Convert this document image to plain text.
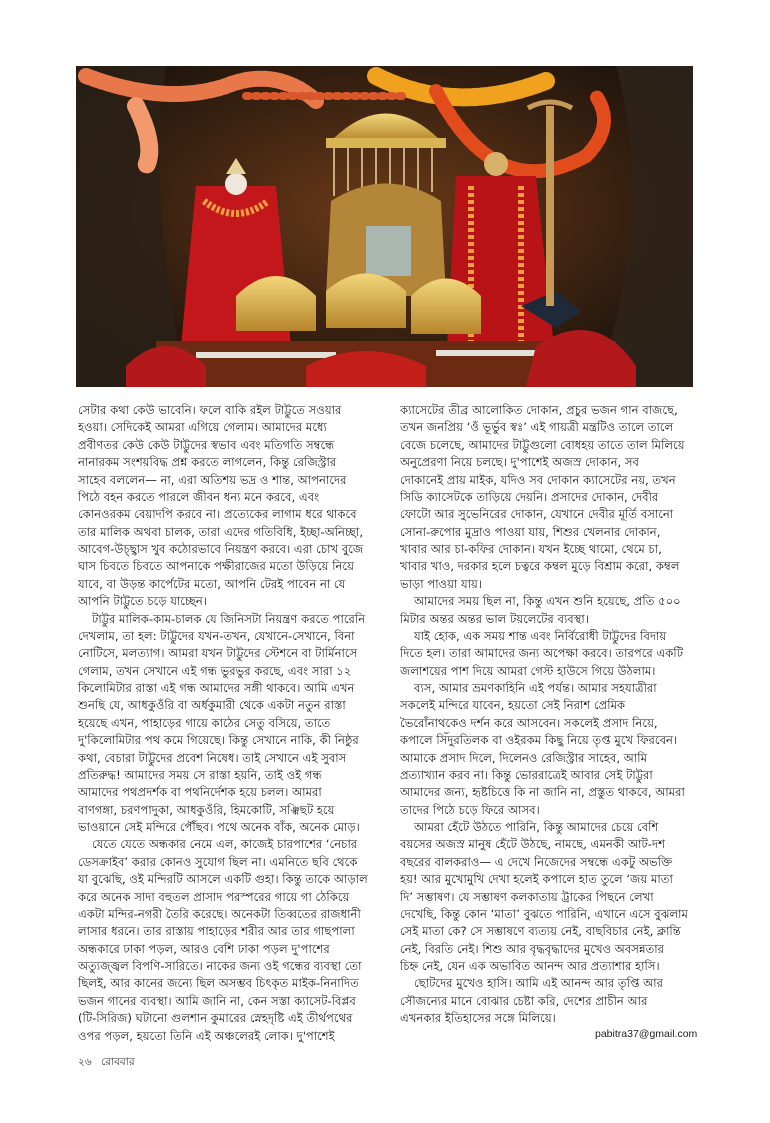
সেটার কথা কেউ ভাবেনি। ফলে বাকি রইল টাট্টুতে সওয়ার
হওয়া। সেদিকেই আমরা এগিয়ে গেলাম। আমাদের মধ্যে
প্রবীণতর কেউ কেউ টাট্টুদের স্বভাব এবং মতিগতি সম্বন্ধে
নানারকম সংশয়বিদ্ধ প্রশ্ন করতে লাগলেন, কিন্তু রেজিস্ট্রার
সাহেব বললেন— না, এরা অতিশয় ভদ্র ও শান্ত, আপনাদের
পিঠে বহন করতে পারলে জীবন ধন্য মনে করবে, এবং
কোনওরকম বেয়াদপি করবে না। প্রত্যেকের লাগাম ধরে থাকবে
তার মালিক অথবা চালক, তারা এদের গতিবিধি, ইচ্ছা-অনিচ্ছা,
আবেগ-উচ্ছ্বাস খুব কঠোরভাবে নিয়ন্ত্রণ করবে। এরা চোখ বুজে
ঘাস চিবতে চিবতে আপনাকে পক্ষীরাজের মতো উড়িয়ে নিয়ে
যাবে, বা উড়ন্ত কার্পেটের মতো, আপনি টেরই পাবেন না যে
আপনি টাট্টুতে চড়ে যাচ্ছেন।
টাট্টুর মালিক-কাম-চালক যে জিনিসটা নিয়ন্ত্রণ করতে পারেনি
দেখলাম, তা হল: টাট্টুদের যখন-তখন, যেখানে-সেখানে, বিনা
নোটিসে, মলত্যাগ। আমরা যখন টাট্টুদের স্টেশনে বা টার্মিনাসে
গেলাম, তখন সেখানে এই গন্ধ ভুরভুর করছে, এবং সারা ১২
কিলোমিটার রাস্তা এই গন্ধ আমাদের সঙ্গী থাকবে। আমি এখন
শুনছি যে, আধকুওঁরি বা অর্ধকুমারী থেকে একটা নতুন রাস্তা
হয়েছে এখন, পাহাড়ের গায়ে কাঠের সেতু বসিয়ে, তাতে
দু'কিলোমিটার পথ কমে গিয়েছে। কিন্তু সেখানে নাকি, কী নিষ্ঠুর
কথা, বেচারা টাট্টুদের প্রবেশ নিষেধ। তাই সেখানে এই সুবাস
প্রতিরুদ্ধ! আমাদের সময় সে রাস্তা হয়নি, তাই ওই গন্ধ
আমাদের পথপ্রদর্শক বা পথনির্দেশক হয়ে চলল। আমরা
বাণগঙ্গা, চরণপাদুকা, আধকুওঁরি, হিমকোটি, সঞ্ঝিছট হয়ে
ভাওয়ানে সেই মন্দিরে পৌঁছব। পথে অনেক বাঁক, অনেক মোড়।
যেতে যেতে অন্ধকার নেমে এল, কাজেই চারপাশের ‘নেচার
ডেসক্রাইব’ করার কোনও সুযোগ ছিল না। এমনিতে ছবি থেকে
যা বুঝেছি, ওই মন্দিরটি আসলে একটি গুহা। কিন্তু তাকে আড়াল
করে অনেক সাদা বহুতল প্রাসাদ পরস্পরের গায়ে গা ঠেকিয়ে
একটা মন্দির-নগরী তৈরি করেছে। অনেকটা তিব্বতের রাজধানী
লাসার ধরনে। তার রাস্তায় পাহাড়ের শরীর আর তার গাছপালা
অন্ধকারে ঢাকা পড়ল, আরও বেশি ঢাকা পড়ল দু'পাশের
অত্যুজ্জ্বল বিপণি-সারিতে। নাকের জন্য ওই গন্ধের ব্যবস্থা তো
ছিলই, আর কানের জন্যে ছিল অসম্ভব চিৎকৃত মাইক-নিনাদিত
ভজন গানের ব্যবস্থা। আমি জানি না, কেন সস্তা ক্যাসেট-বিপ্লব
(টি-সিরিজ) ঘটানো গুলশান কুমারের স্নেহদৃষ্টি এই তীর্থপথের
ওপর পড়ল, হয়তো তিনি এই অঞ্চলেরই লোক। দু'পাশেই
ক্যাসেটের তীব্র আলোকিত দোকান, প্রচুর ভজন গান বাজছে,
তখন জনপ্রিয় ‘ওঁ ভূর্ভুব স্বঃ’ এই গায়ত্রী মন্ত্রটিও তালে তালে
বেজে চলেছে, আমাদের টাট্টুগুলো বোধহয় তাতে তাল মিলিয়ে
অনুপ্রেরণা নিয়ে চলছে। দু'পাশেই অজস্র দোকান, সব
দোকানেই প্রায় মাইক, যদিও সব দোকান ক্যাসেটের নয়, তখন
সিডি ক্যাসেটকে তাড়িয়ে দেয়নি। প্রসাদের দোকান, দেবীর
ফোটো আর সুভেনিরের দোকান, যেখানে দেবীর মূর্তি বসানো
সোনা-রুপোর মুদ্রাও পাওয়া যায়, শিশুর খেলনার দোকান,
খাবার আর চা-কফির দোকান। যখন ইচ্ছে থামো, থেমে চা,
খাবার খাও, দরকার হলে চত্বরে কম্বল মুড়ে বিশ্রাম করো, কম্বল
ভাড়া পাওয়া যায়।
আমাদের সময় ছিল না, কিন্তু এখন শুনি হয়েছে, প্রতি ৫০০
মিটার অন্তর অন্তর ভাল টয়লেটের ব্যবস্থা।
যাই হোক, এক সময় শান্ত এবং নির্বিরোধী টাট্টুদের বিদায়
দিতে হল। তারা আমাদের জন্য অপেক্ষা করবে। তারপরে একটি
জলাশয়ের পাশ দিয়ে আমরা গেস্ট হাউসে গিয়ে উঠলাম।
ব্যস, আমার ভ্রমণকাহিনি এই পর্যন্ত। আমার সহযাত্রীরা
সকলেই মন্দিরে যাবেন, হয়তো সেই নিরাশ প্রেমিক
ভৈরোঁনাথকেও দর্শন করে আসবেন। সকলেই প্রসাদ নিয়ে,
কপালে সিঁদুরতিলক বা ওইরকম কিছু নিয়ে তৃপ্ত মুখে ফিরবেন।
আমাকে প্রসাদ দিলে, দিলেনও রেজিস্ট্রার সাহেব, আমি
প্রত্যাখ্যান করব না। কিন্তু ভোররাত্রেই আবার সেই টাট্টুরা
আমাদের জন্য, হৃষ্টচিত্তে কি না জানি না, প্রস্তুত থাকবে, আমরা
তাদের পিঠে চড়ে ফিরে আসব।
আমরা হেঁটে উঠতে পারিনি, কিন্তু আমাদের চেয়ে বেশি
বয়সের অজস্র মানুষ হেঁটে উঠছে, নামছে, এমনকী আট-দশ
বছরের বালকরাও— এ দেখে নিজেদের সম্বন্ধে একটু অভক্তি
হয়! আর মুখোমুখি দেখা হলেই কপালে হাত তুলে ‘জয় মাতা
দি’ সম্ভাষণ। যে সম্ভাষণ কলকাতায় ট্রাকের পিছনে লেখা
দেখেছি, কিন্তু কোন ‘মাতা’ বুঝতে পারিনি, এখানে এসে বুঝলাম
সেই মাতা কে? সে সম্ভাষণে ব্যত্যয় নেই, বাছবিচার নেই, ক্লান্তি
নেই, বিরতি নেই। শিশু আর বৃদ্ধবৃদ্ধাদের মুখেও অবসন্নতার
চিহ্ন নেই, যেন এক অভাবিত আনন্দ আর প্রত্যাশার হাসি।
ছোটদের মুখেও হাসি। আমি এই আনন্দ আর তৃপ্তি আর
সৌজন্যের মানে বোঝার চেষ্টা করি, দেশের প্রাচীন আর
এখনকার ইতিহাসের সঙ্গে মিলিয়ে।
pabitra37@gmail.com
২৬ রোববার
